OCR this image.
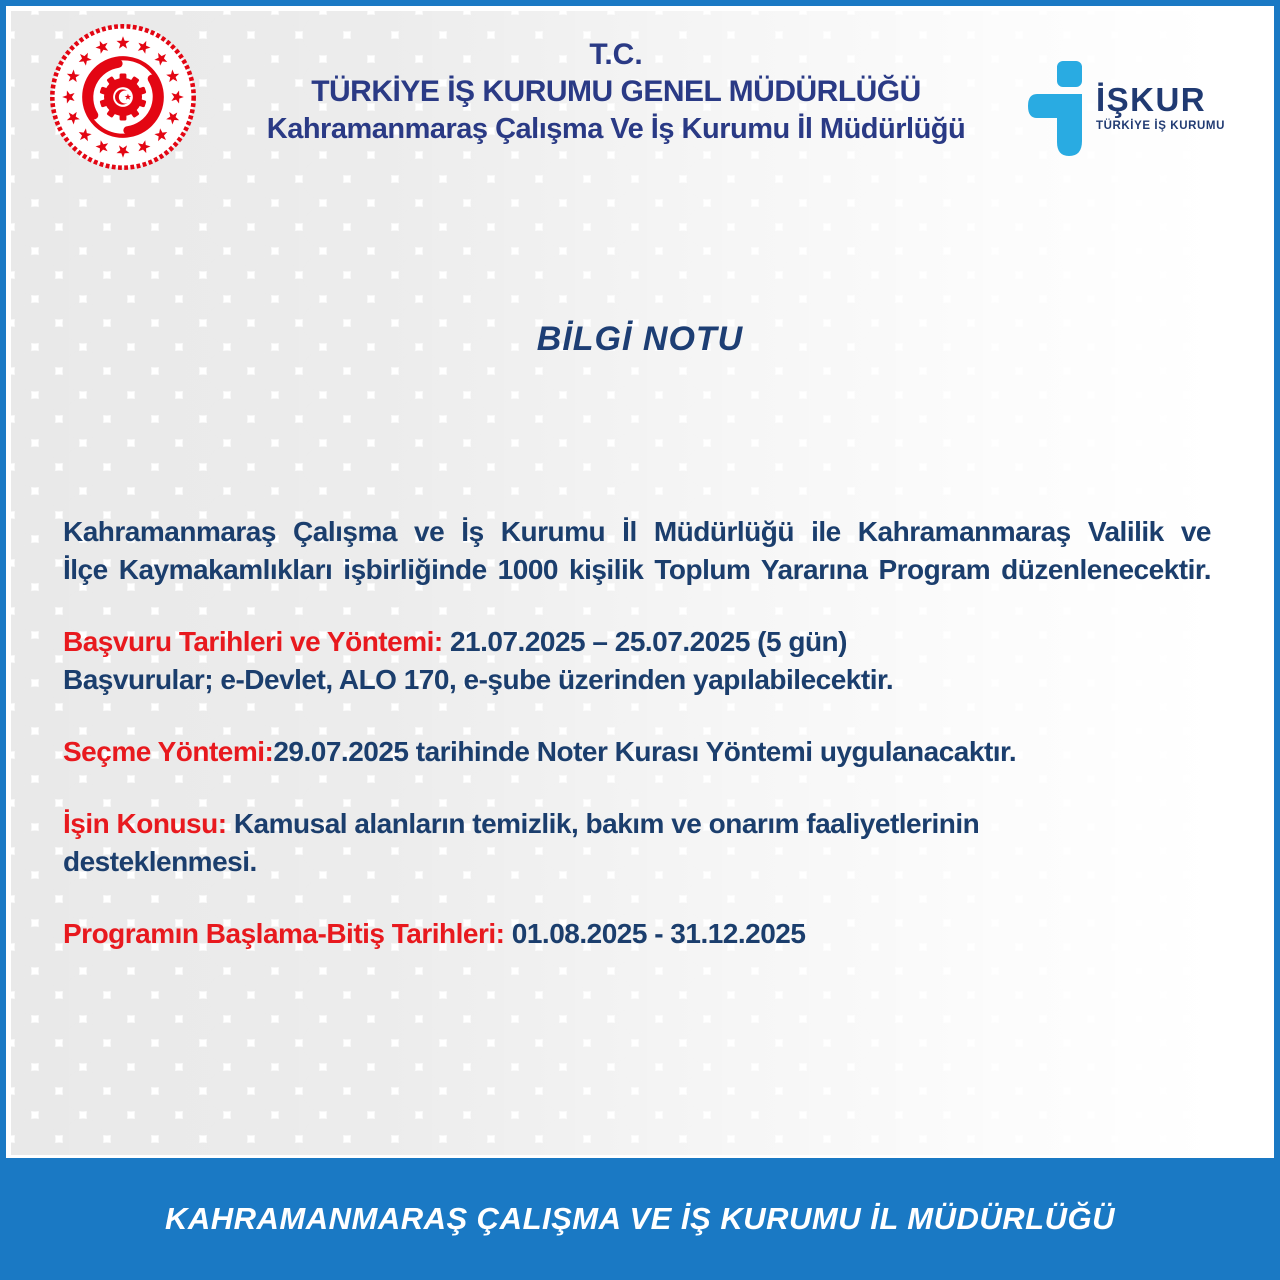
T.C.
TÜRKİYE İŞ KURUMU GENEL MÜDÜRLÜĞÜ
Kahramanmaraş Çalışma Ve İş Kurumu İl Müdürlüğü
İŞKUR
TÜRKİYE İŞ KURUMU
BİLGİ NOTU

Kahramanmaraş Çalışma ve İş Kurumu İl Müdürlüğü ile Kahramanmaraş Valilik ve
İlçe Kaymakamlıkları işbirliğinde 1000 kişilik Toplum Yararına Program düzenlenecektir.

Başvuru Tarihleri ve Yöntemi: 21.07.2025 – 25.07.2025 (5 gün)
Başvurular; e-Devlet, ALO 170, e-şube üzerinden yapılabilecektir.

Seçme Yöntemi:29.07.2025 tarihinde Noter Kurası Yöntemi uygulanacaktır.

İşin Konusu: Kamusal alanların temizlik, bakım ve onarım faaliyetlerinin
desteklenmesi.

Programın Başlama-Bitiş Tarihleri: 01.08.2025 - 31.12.2025

KAHRAMANMARAŞ ÇALIŞMA VE İŞ KURUMU İL MÜDÜRLÜĞÜ
